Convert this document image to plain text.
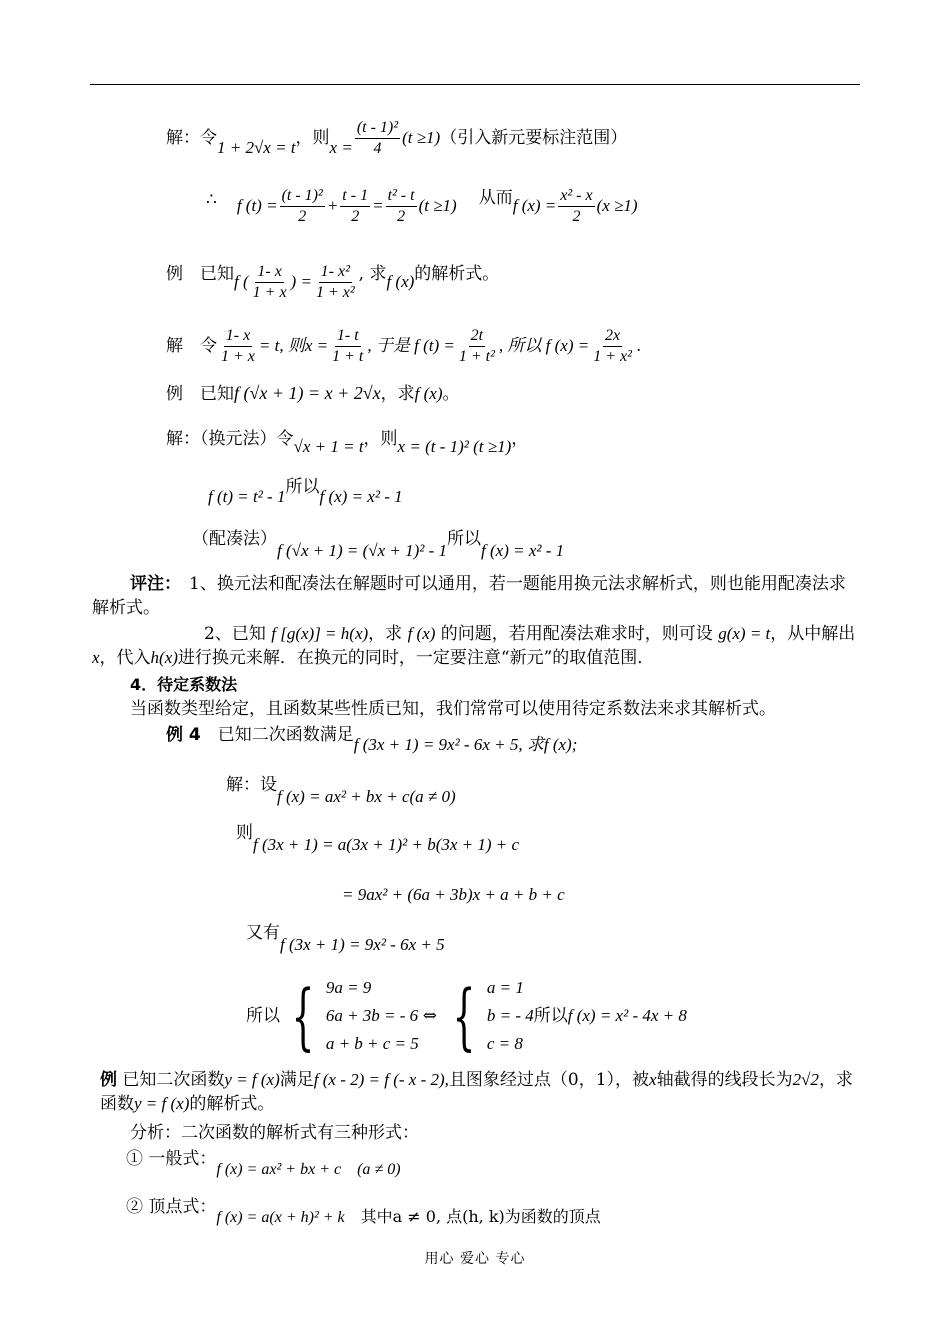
解：令1 + 2√x = t，则$x = \frac{\text{(t - 1)²}}{4} (t \ge 1)$（引入新元要标注范围）
∴ f $(t) = \frac{\text{(t - 1)²}}{2} + \frac{t - 1}{2} = \frac{\text{t² - t}}{2} (t \ge 1)$ 从而f $(x) = \frac{\text{x² - x}}{2} (x \ge 1)$
例　已知f ( $\frac{1- x}{1 + x}$ ) = $\frac{\text{1- x²}}{\text{1 + x²}}$ , 求f (x)的解析式。
解　令 $\frac{1- x}{1 + x} = t$, 则$x = \frac{1- t}{1 + t}$ , 于是 f $(t) = \frac{2t}{\text{1 + t²}}$ , 所以 f $(x) = \frac{2x}{\text{1 + x²}}$ .
例　已知f (√x + 1) = x + 2√x，求f (x)。
解：（换元法）令√x + 1 = t，则x = (t - 1)² (t ≥1)，
f (t) = t² - 1所以f (x) = x² - 1
（配凑法）f (√x + 1) = (√x + 1)² - 1所以f (x) = x² - 1
评注： 1、换元法和配凑法在解题时可以通用，若一题能用换元法求解析式，则也能用配凑法求解析式。
2、已知 f [g(x)] = h(x)，求 f (x) 的问题，若用配凑法难求时，则可设 g(x) = t，从中解出x，代入h(x)进行换元来解．在换元的同时，一定要注意“新元”的取值范围．
4．待定系数法
当函数类型给定，且函数某些性质已知，我们常常可以使用待定系数法来求其解析式。
例 4　已知二次函数满足f (3x + 1) = 9x² - 6x + 5, 求f (x);
解：设f (x) = ax² + bx + c(a ≠ 0)
则f (3x + 1) = a(3x + 1)² + b(3x + 1) + c
= 9ax² + (6a + 3b)x + a + b + c
又有f (3x + 1) = 9x² - 6x + 5
所以 { 9a = 9
6a + 3b = - 6
a + b + c = 5
⇔ { a = 1
b = - 4
c = 8
所以f (x) = x² - 4x + 8
例 已知二次函数y = f (x)满足f (x - 2) = f (- x - 2),且图象经过点（0，1），被x轴截得的线段长为2√2，求函数y = f (x)的解析式。
分析：二次函数的解析式有三种形式：
① 一般式：f (x) = ax² + bx + c　(a ≠ 0)
② 顶点式：f (x) = a(x + h)² + k　其中a ≠ 0, 点(h, k)为函数的顶点
用心 爱心 专心
